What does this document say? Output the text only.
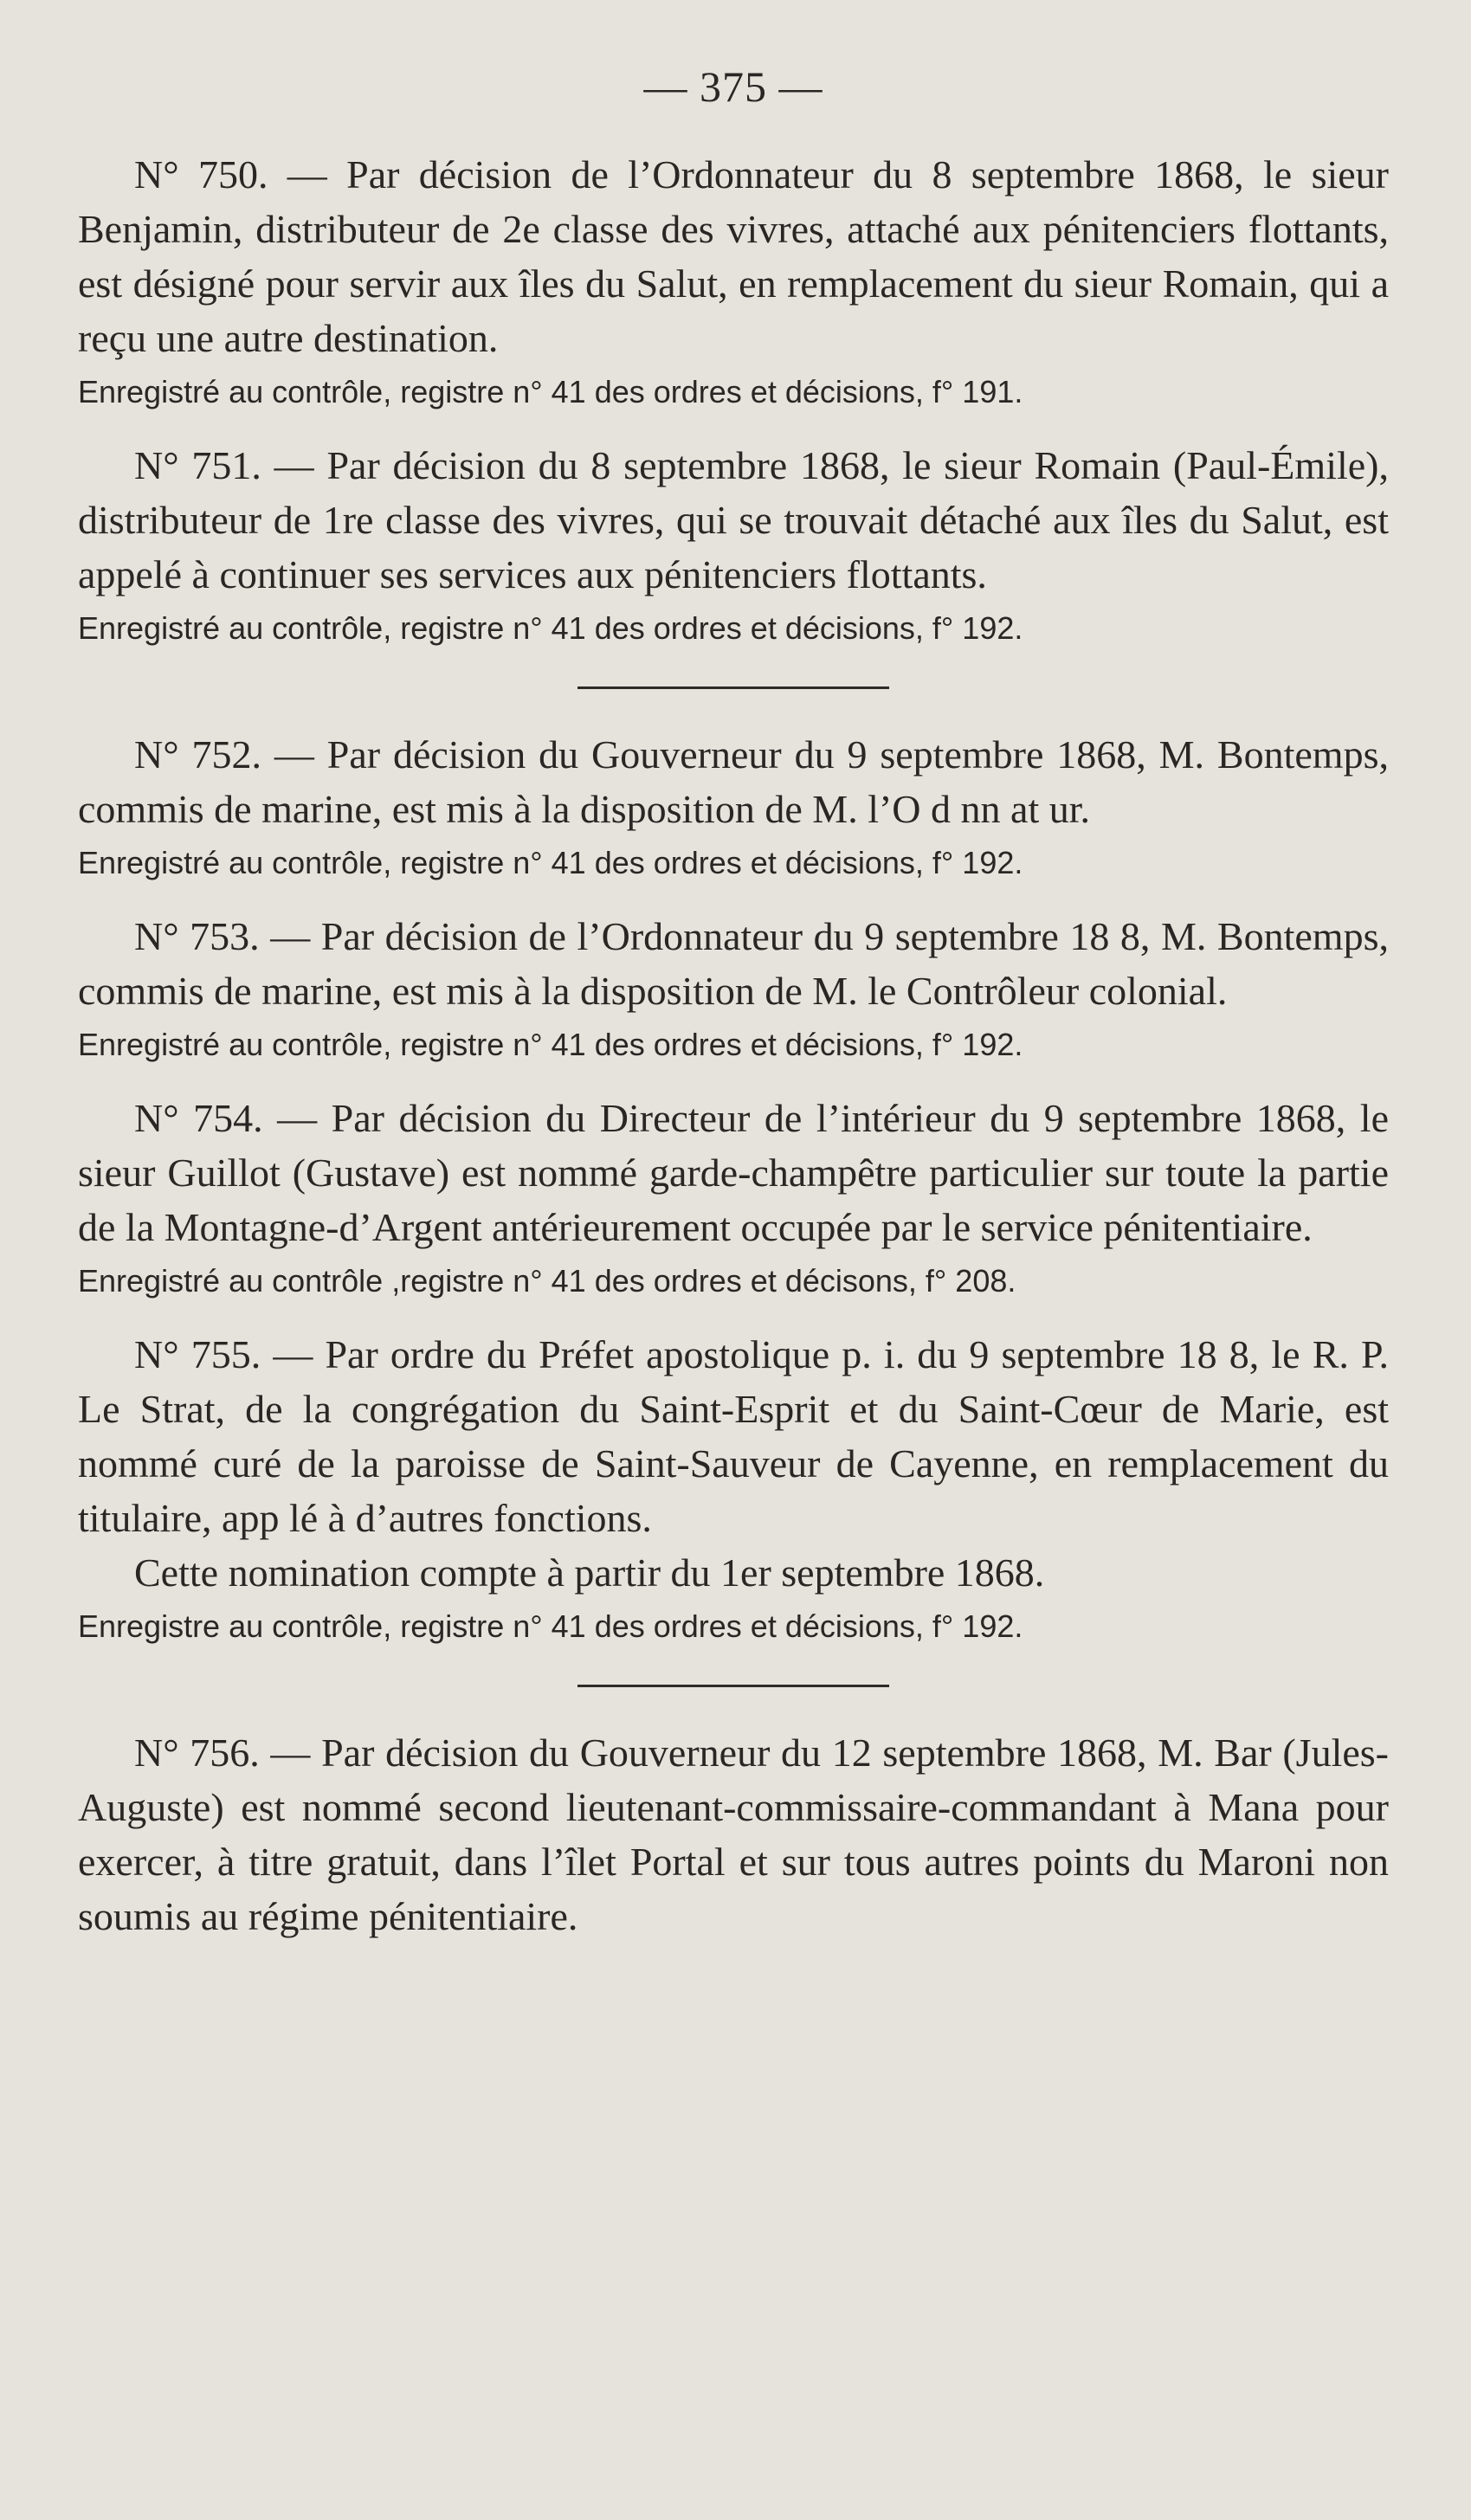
— 375 —

N° 750. — Par décision de l’Ordonnateur du 8 septembre 1868, le sieur Benjamin, distributeur de 2e classe des vivres, attaché aux pénitenciers flottants, est désigné pour servir aux îles du Salut, en remplacement du sieur Romain, qui a reçu une autre destination.

Enregistré au contrôle, registre n° 41 des ordres et décisions, f° 191.

N° 751. — Par décision du 8 septembre 1868, le sieur Romain (Paul-Émile), distributeur de 1re classe des vivres, qui se trouvait détaché aux îles du Salut, est appelé à continuer ses services aux pénitenciers flottants.

Enregistré au contrôle, registre n° 41 des ordres et décisions, f° 192.

N° 752. — Par décision du Gouverneur du 9 septembre 1868, M. Bontemps, commis de marine, est mis à la disposition de M. l’O d nn at ur.

Enregistré au contrôle, registre n° 41 des ordres et décisions, f° 192.

N° 753. — Par décision de l’Ordonnateur du 9 septembre 18 8, M. Bontemps, commis de marine, est mis à la disposition de M. le Contrôleur colonial.

Enregistré au contrôle, registre n° 41 des ordres et décisions, f° 192.

N° 754. — Par décision du Directeur de l’intérieur du 9 septembre 1868, le sieur Guillot (Gustave) est nommé garde-champêtre particulier sur toute la partie de la Montagne-d’Argent antérieurement occupée par le service pénitentiaire.

Enregistré au contrôle ,registre n° 41 des ordres et décisons, f° 208.

N° 755. — Par ordre du Préfet apostolique p. i. du 9 septembre 18 8, le R. P. Le Strat, de la congrégation du Saint-Esprit et du Saint-Cœur de Marie, est nommé curé de la paroisse de Saint-Sauveur de Cayenne, en remplacement du titulaire, app lé à d’autres fonctions.

Cette nomination compte à partir du 1er septembre 1868.

Enregistre au contrôle, registre n° 41 des ordres et décisions, f° 192.

N° 756. — Par décision du Gouverneur du 12 septembre 1868, M. Bar (Jules-Auguste) est nommé second lieutenant-commissaire-commandant à Mana pour exercer, à titre gratuit, dans l’îlet Portal et sur tous autres points du Maroni non soumis au régime pénitentiaire.
